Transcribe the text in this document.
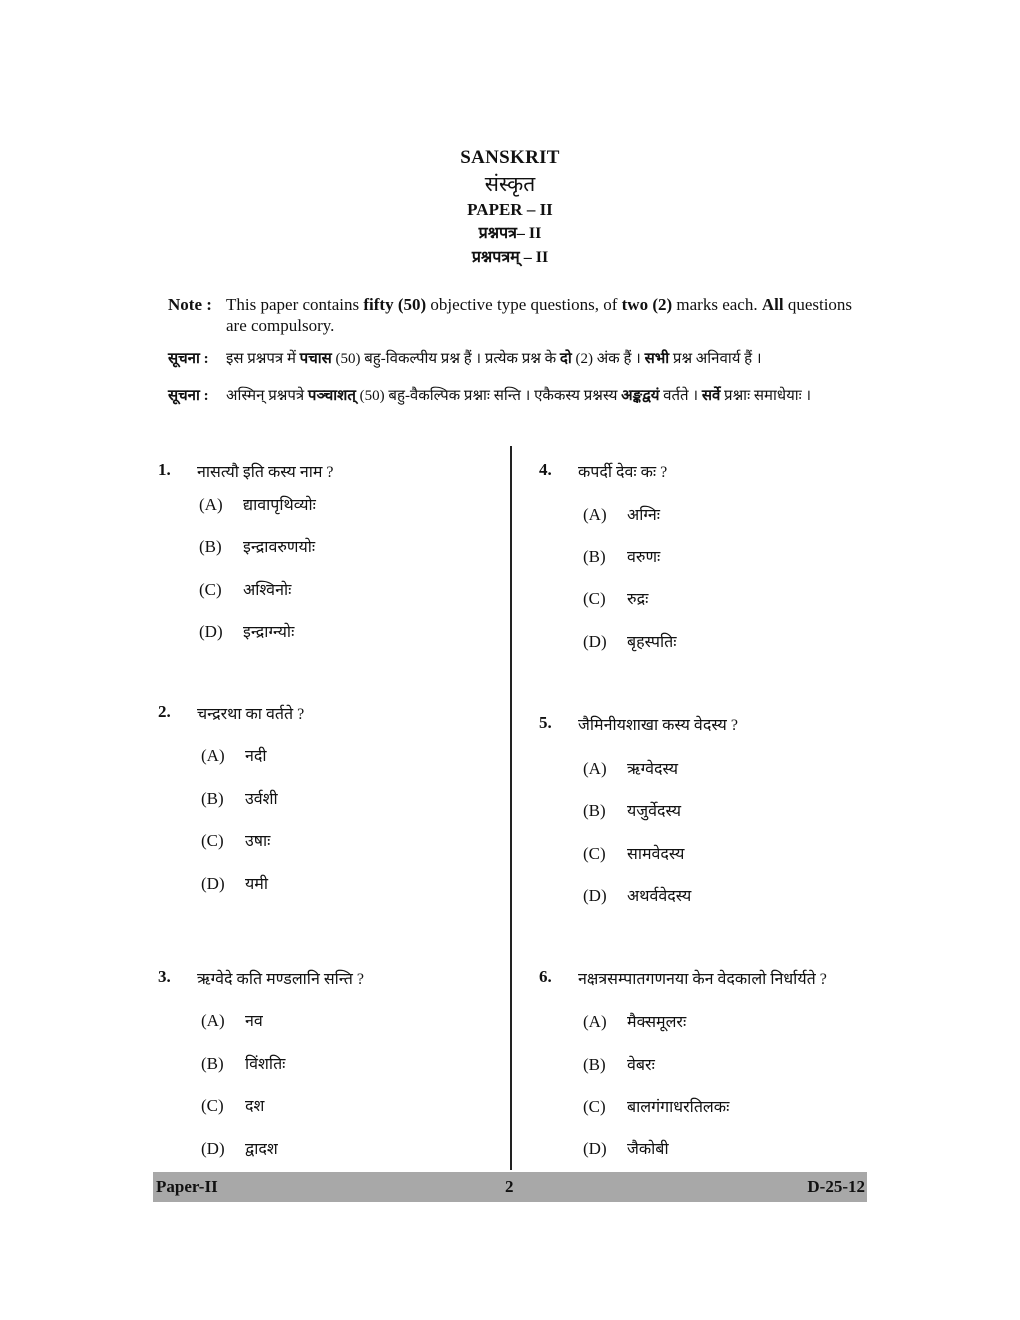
SANSKRIT
संस्कृत
PAPER – II
प्रश्नपत्र– II
प्रश्नपत्रम् – II
Note : This paper contains fifty (50) objective type questions, of two (2) marks each. All questions are compulsory.
सूचना : इस प्रश्नपत्र में पचास (50) बहु-विकल्पीय प्रश्न हैं । प्रत्येक प्रश्न के दो (2) अंक हैं । सभी प्रश्न अनिवार्य हैं ।
सूचना : अस्मिन् प्रश्नपत्रे पञ्चाशत् (50) बहु-वैकल्पिक प्रश्नाः सन्ति । एकैकस्य प्रश्नस्य अङ्कद्वयं वर्तते । सर्वे प्रश्नाः समाधेयाः ।
1. नासत्यौ इति कस्य नाम ?
(A) द्यावापृथिव्योः
(B) इन्द्रावरुणयोः
(C) अश्विनोः
(D) इन्द्राग्न्योः
2. चन्द्ररथा का वर्तते ?
(A) नदी
(B) उर्वशी
(C) उषाः
(D) यमी
3. ऋग्वेदे कति मण्डलानि सन्ति ?
(A) नव
(B) विंशतिः
(C) दश
(D) द्वादश
4. कपर्दी देवः कः ?
(A) अग्निः
(B) वरुणः
(C) रुद्रः
(D) बृहस्पतिः
5. जैमिनीयशाखा कस्य वेदस्य ?
(A) ऋग्वेदस्य
(B) यजुर्वेदस्य
(C) सामवेदस्य
(D) अथर्ववेदस्य
6. नक्षत्रसम्पातगणनया केन वेदकालो निर्धार्यते ?
(A) मैक्समूलरः
(B) वेबरः
(C) बालगंगाधरतिलकः
(D) जैकोबी
Paper-II	2	D-25-12
